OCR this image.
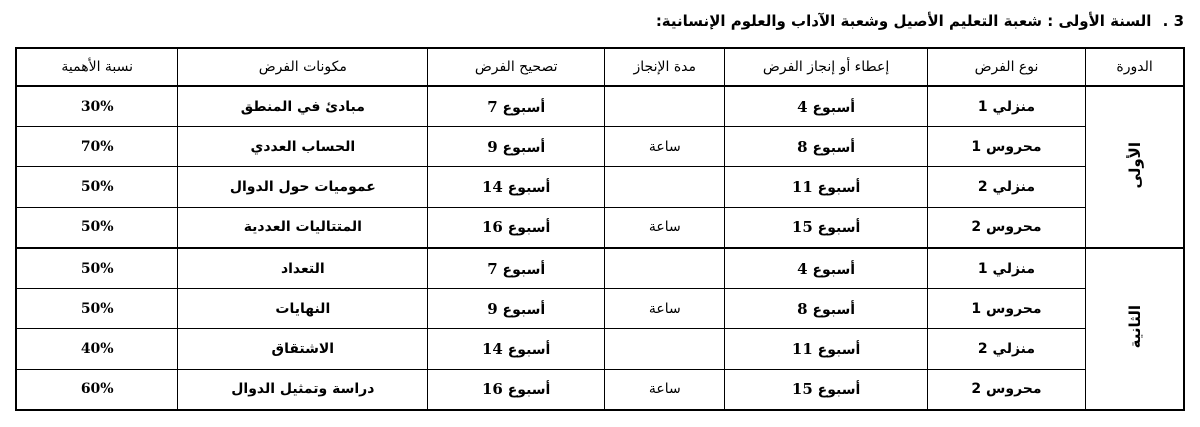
3 . السنة الأولى : شعبة التعليم الأصيل وشعبة الآداب والعلوم الإنسانية:
الدورة	نوع الفرض	إعطاء أو إنجاز الفرض	مدة الإنجاز	تصحيح الفرض	مكونات الفرض	نسبة الأهمية
الأولى	منزلي 1	أسبوع 4		أسبوع 7	مبادئ في المنطق	30%
	محروس 1	أسبوع 8	ساعة	أسبوع 9	الحساب العددي	70%
	منزلي 2	أسبوع 11		أسبوع 14	عموميات حول الدوال	50%
	محروس 2	أسبوع 15	ساعة	أسبوع 16	المتتاليات العددية	50%
الثانية	منزلي 1	أسبوع 4		أسبوع 7	التعداد	50%
	محروس 1	أسبوع 8	ساعة	أسبوع 9	النهايات	50%
	منزلي 2	أسبوع 11		أسبوع 14	الاشتقاق	40%
	محروس 2	أسبوع 15	ساعة	أسبوع 16	دراسة وتمثيل الدوال	60%
